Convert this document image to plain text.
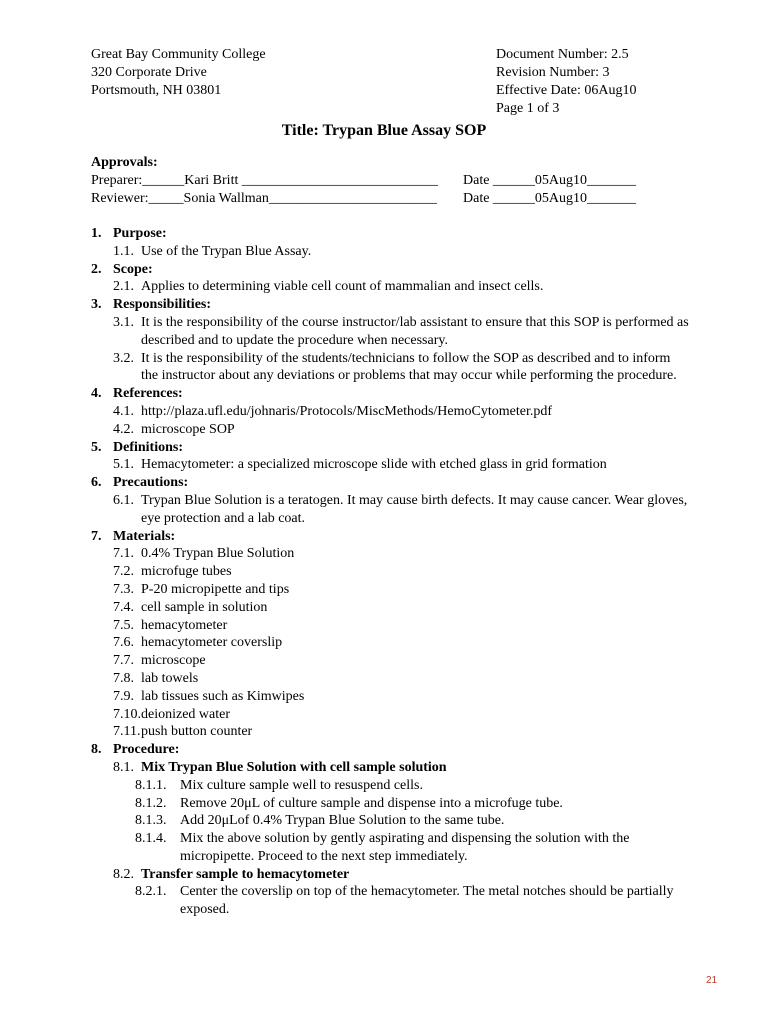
Great Bay Community College
320 Corporate Drive
Portsmouth, NH 03801
Document Number: 2.5
Revision Number: 3
Effective Date: 06Aug10
Page 1 of 3
Title: Trypan Blue Assay SOP
Approvals:
Preparer:______Kari Britt ____________________________ Date ______05Aug10_______
Reviewer:_____Sonia Wallman________________________ Date ______05Aug10_______
1. Purpose:
1.1. Use of the Trypan Blue Assay.
2. Scope:
2.1. Applies to determining viable cell count of mammalian and insect cells.
3. Responsibilities:
3.1. It is the responsibility of the course instructor/lab assistant to ensure that this SOP is performed as described and to update the procedure when necessary.
3.2. It is the responsibility of the students/technicians to follow the SOP as described and to inform the instructor about any deviations or problems that may occur while performing the procedure.
4. References:
4.1. http://plaza.ufl.edu/johnaris/Protocols/MiscMethods/HemoCytometer.pdf
4.2. microscope SOP
5. Definitions:
5.1. Hemacytometer: a specialized microscope slide with etched glass in grid formation
6. Precautions:
6.1. Trypan Blue Solution is a teratogen. It may cause birth defects. It may cause cancer. Wear gloves, eye protection and a lab coat.
7. Materials:
7.1. 0.4% Trypan Blue Solution
7.2. microfuge tubes
7.3. P-20 micropipette and tips
7.4. cell sample in solution
7.5. hemacytometer
7.6. hemacytometer coverslip
7.7. microscope
7.8. lab towels
7.9. lab tissues such as Kimwipes
7.10. deionized water
7.11. push button counter
8. Procedure:
8.1. Mix Trypan Blue Solution with cell sample solution
8.1.1. Mix culture sample well to resuspend cells.
8.1.2. Remove 20μL of culture sample and dispense into a microfuge tube.
8.1.3. Add 20μLof 0.4% Trypan Blue Solution to the same tube.
8.1.4. Mix the above solution by gently aspirating and dispensing the solution with the micropipette. Proceed to the next step immediately.
8.2. Transfer sample to hemacytometer
8.2.1. Center the coverslip on top of the hemacytometer. The metal notches should be partially exposed.
21
